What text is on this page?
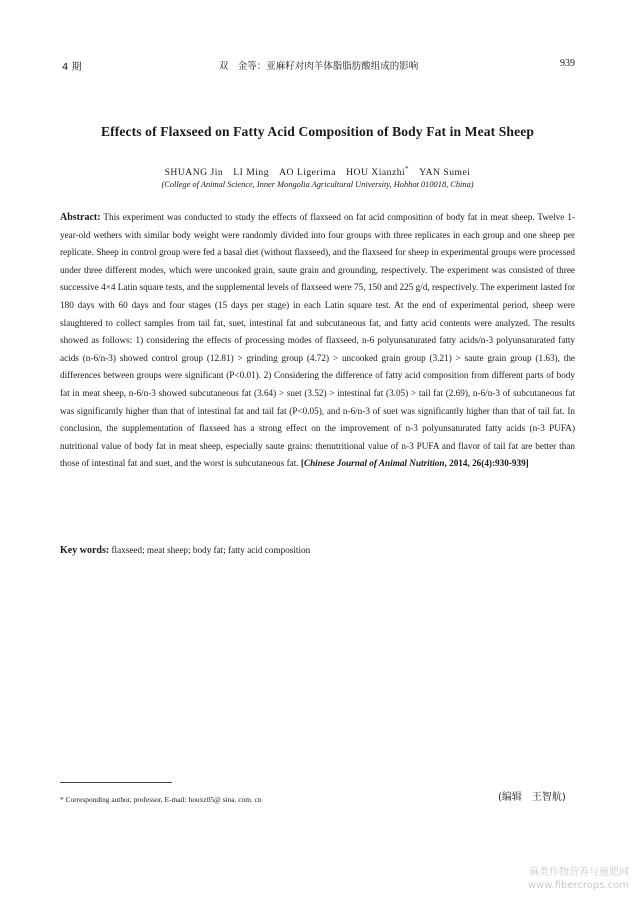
4 期	双　金等：亚麻籽对肉羊体脂脂肪酸组成的影响	939
Effects of Flaxseed on Fatty Acid Composition of Body Fat in Meat Sheep
SHUANG Jin　LI Ming　AO Ligerima　HOU Xianzhi*　 YAN Sumei
(College of Animal Science, Inner Mongolia Agricultural University, Hohhot 010018, China)
Abstract: This experiment was conducted to study the effects of flaxseed on fat acid composition of body fat in meat sheep. Twelve 1-year-old wethers with similar body weight were randomly divided into four groups with three replicates in each group and one sheep per replicate. Sheep in control group were fed a basal diet (without flaxseed), and the flaxseed for sheep in experimental groups were processed under three different modes, which were uncooked grain, saute grain and grounding, respectively. The experiment was consisted of three successive 4×4 Latin square tests, and the supplemental levels of flaxseed were 75, 150 and 225 g/d, respectively. The experiment lasted for 180 days with 60 days and four stages (15 days per stage) in each Latin square test. At the end of experimental period, sheep were slaughtered to collect samples from tail fat, suet, intestinal fat and subcutaneous fat, and fatty acid contents were analyzed. The results showed as follows: 1) considering the effects of processing modes of flaxseed, n-6 polyunsaturated fatty acids/n-3 polyunsaturated fatty acids (n-6/n-3) showed control group (12.81) > grinding group (4.72) > uncooked grain group (3.21) > saute grain group (1.63), the differences between groups were significant (P<0.01). 2) Considering the difference of fatty acid composition from different parts of body fat in meat sheep, n-6/n-3 showed subcutaneous fat (3.64) > suet (3.52) > intestinal fat (3.05) > tail fat (2.69), n-6/n-3 of subcutaneous fat was significantly higher than that of intestinal fat and tail fat (P<0.05), and n-6/n-3 of suet was significantly higher than that of tail fat. In conclusion, the supplementation of flaxseed has a strong effect on the improvement of n-3 polyunsaturated fatty acids (n-3 PUFA) nutritional value of body fat in meat sheep, especially saute grains: thenutritional value of n-3 PUFA and flavor of tail fat are better than those of intestinal fat and suet, and the worst is subcutaneous fat. [Chinese Journal of Animal Nutrition, 2014, 26(4):930-939]
Key words: flaxseed; meat sheep; body fat; fatty acid composition
* Corresponding author, professor, E-mail: houxz05@ sina. com. cn	(编辑　王智航)
麻类作物营养与施肥网
www.fibercrops.com
